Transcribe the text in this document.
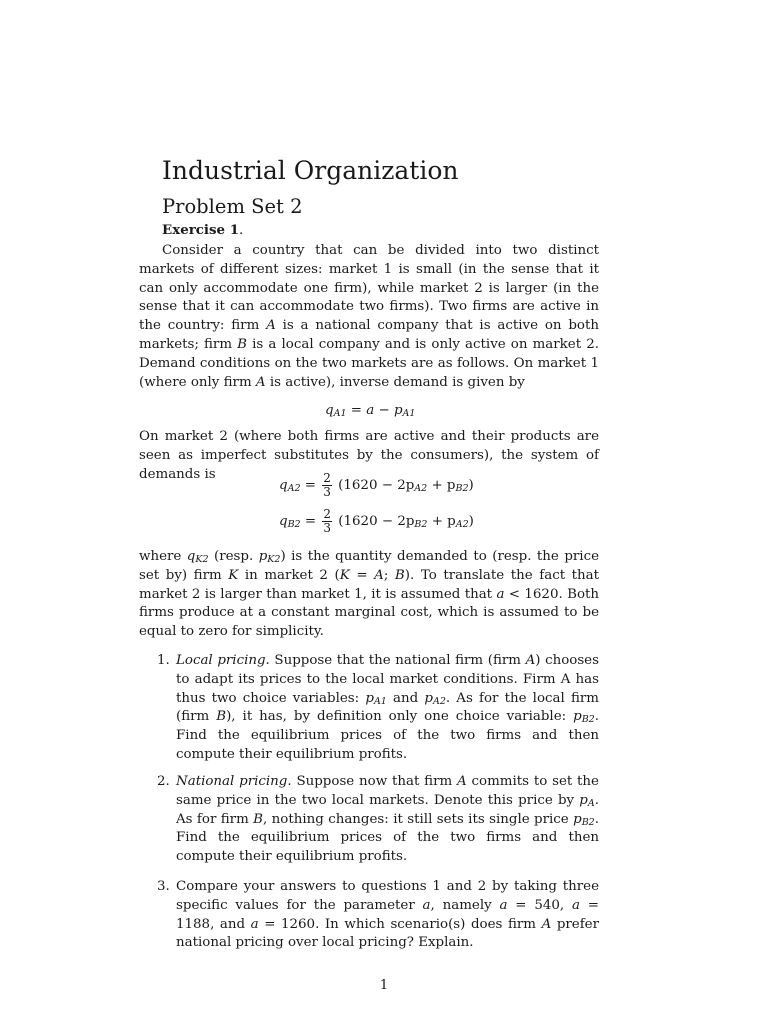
Industrial Organization
Problem Set 2
Exercise 1.
Consider a country that can be divided into two distinct markets of different sizes: market 1 is small (in the sense that it can only accommodate one firm), while market 2 is larger (in the sense that it can accommodate two firms). Two firms are active in the country: firm A is a national company that is active on both markets; firm B is a local company and is only active on market 2. Demand conditions on the two markets are as follows. On market 1 (where only firm A is active), inverse demand is given by
$q_{A1} = a - p_{A1}$
On market 2 (where both firms are active and their products are seen as imperfect substitutes by the consumers), the system of demands is
$q_{A2} = \frac{2}{3} (1620 - 2p_{A2} + p_{B2})$
$q_{B2} = \frac{2}{3} (1620 - 2p_{B2} + p_{A2})$
where $q_{K2}$ (resp. $p_{K2}$) is the quantity demanded to (resp. the price set by) firm K in market 2 (K = A; B). To translate the fact that market 2 is larger than market 1, it is assumed that a < 1620. Both firms produce at a constant marginal cost, which is assumed to be equal to zero for simplicity.
1. Local pricing. Suppose that the national firm (firm A) chooses to adapt its prices to the local market conditions. Firm A has thus two choice variables: $p_{A1}$ and $p_{A2}$. As for the local firm (firm B), it has, by definition only one choice variable: $p_{B2}$. Find the equilibrium prices of the two firms and then compute their equilibrium profits.
2. National pricing. Suppose now that firm A commits to set the same price in the two local markets. Denote this price by $p_A$. As for firm B, nothing changes: it still sets its single price $p_{B2}$. Find the equilibrium prices of the two firms and then compute their equilibrium profits.
3. Compare your answers to questions 1 and 2 by taking three specific values for the parameter a, namely a = 540, a = 1188, and a = 1260. In which scenario(s) does firm A prefer national pricing over local pricing? Explain.
1
